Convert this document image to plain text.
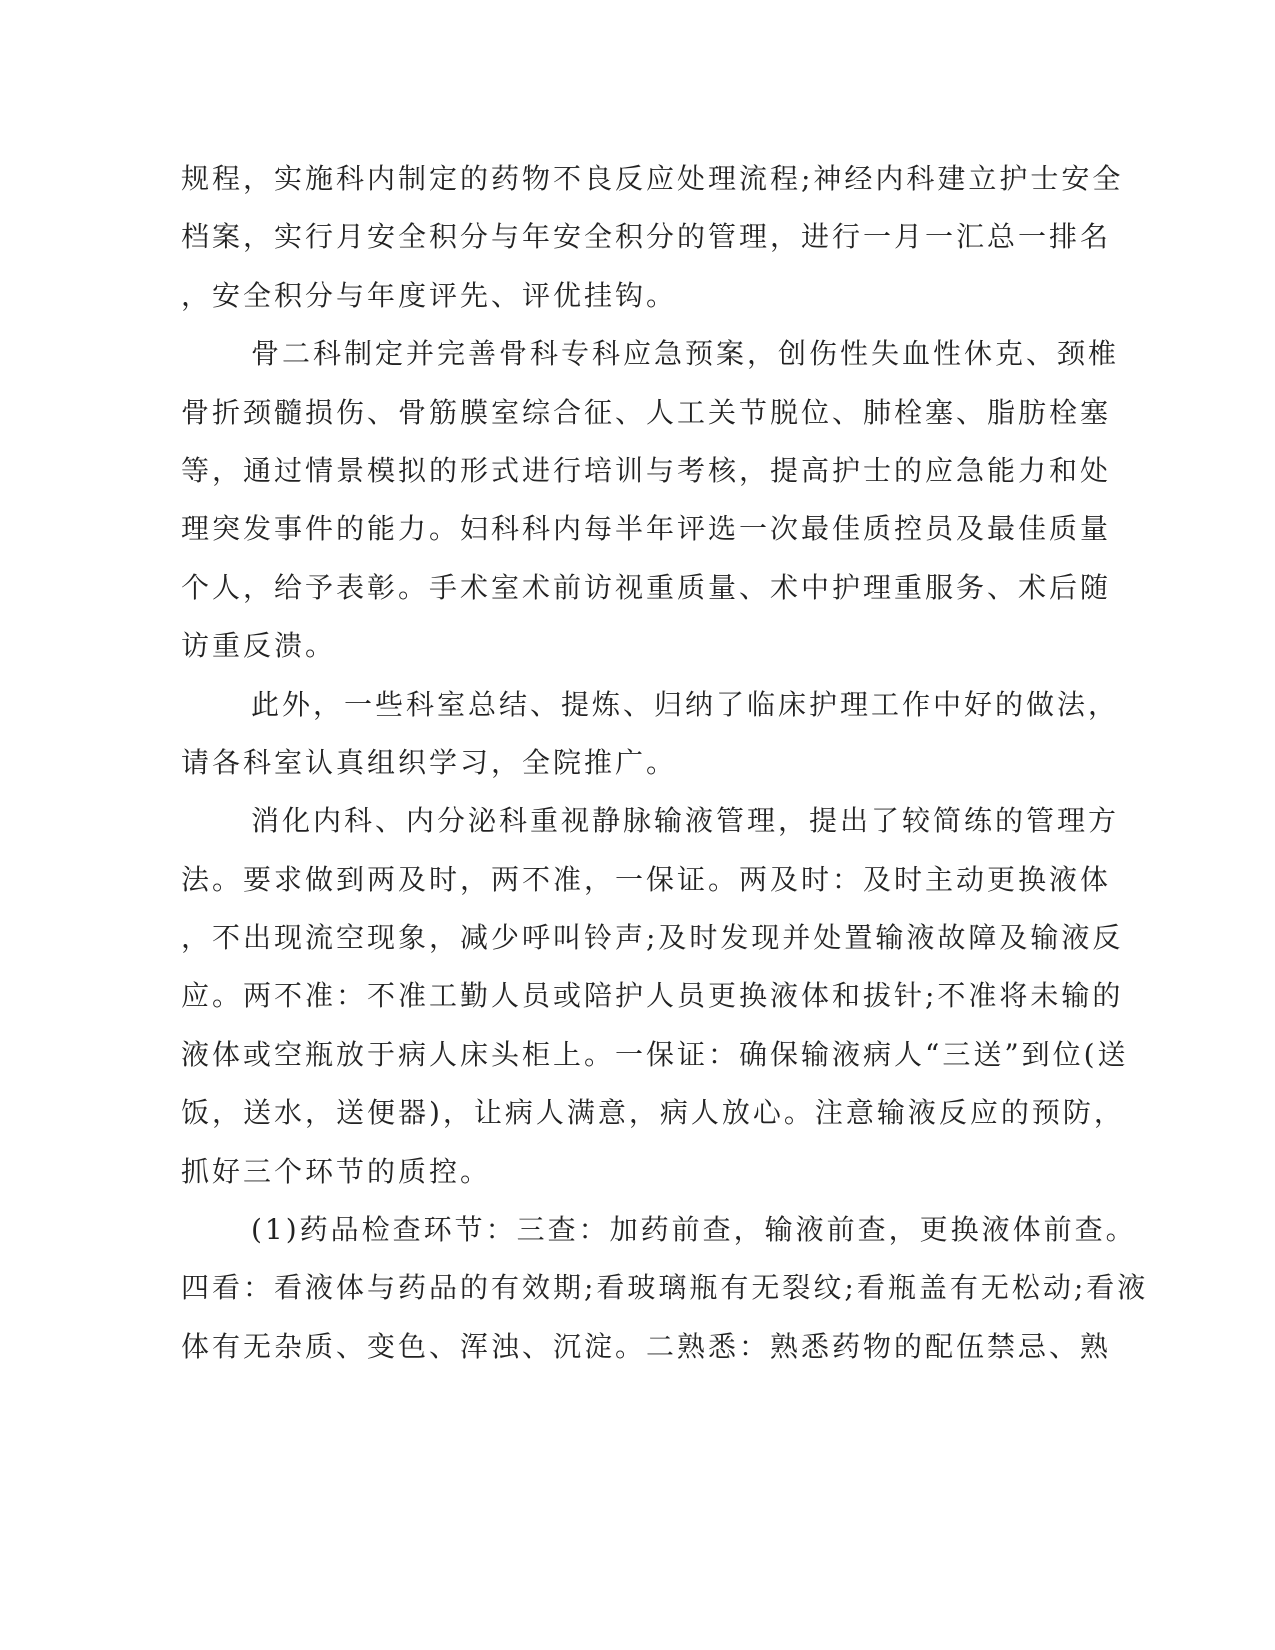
规程，实施科内制定的药物不良反应处理流程;神经内科建立护士安全
档案，实行月安全积分与年安全积分的管理，进行一月一汇总一排名
，安全积分与年度评先、评优挂钩。
骨二科制定并完善骨科专科应急预案，创伤性失血性休克、颈椎
骨折颈髓损伤、骨筋膜室综合征、人工关节脱位、肺栓塞、脂肪栓塞
等，通过情景模拟的形式进行培训与考核，提高护士的应急能力和处
理突发事件的能力。妇科科内每半年评选一次最佳质控员及最佳质量
个人，给予表彰。手术室术前访视重质量、术中护理重服务、术后随
访重反溃。
此外，一些科室总结、提炼、归纳了临床护理工作中好的做法，
请各科室认真组织学习，全院推广。
消化内科、内分泌科重视静脉输液管理，提出了较简练的管理方
法。要求做到两及时，两不准，一保证。两及时：及时主动更换液体
，不出现流空现象，减少呼叫铃声;及时发现并处置输液故障及输液反
应。两不准：不准工勤人员或陪护人员更换液体和拔针;不准将未输的
液体或空瓶放于病人床头柜上。一保证：确保输液病人“三送”到位(送
饭，送水，送便器)，让病人满意，病人放心。注意输液反应的预防，
抓好三个环节的质控。
(1)药品检查环节：三查：加药前查，输液前查，更换液体前查。
四看：看液体与药品的有效期;看玻璃瓶有无裂纹;看瓶盖有无松动;看液
体有无杂质、变色、浑浊、沉淀。二熟悉：熟悉药物的配伍禁忌、熟
